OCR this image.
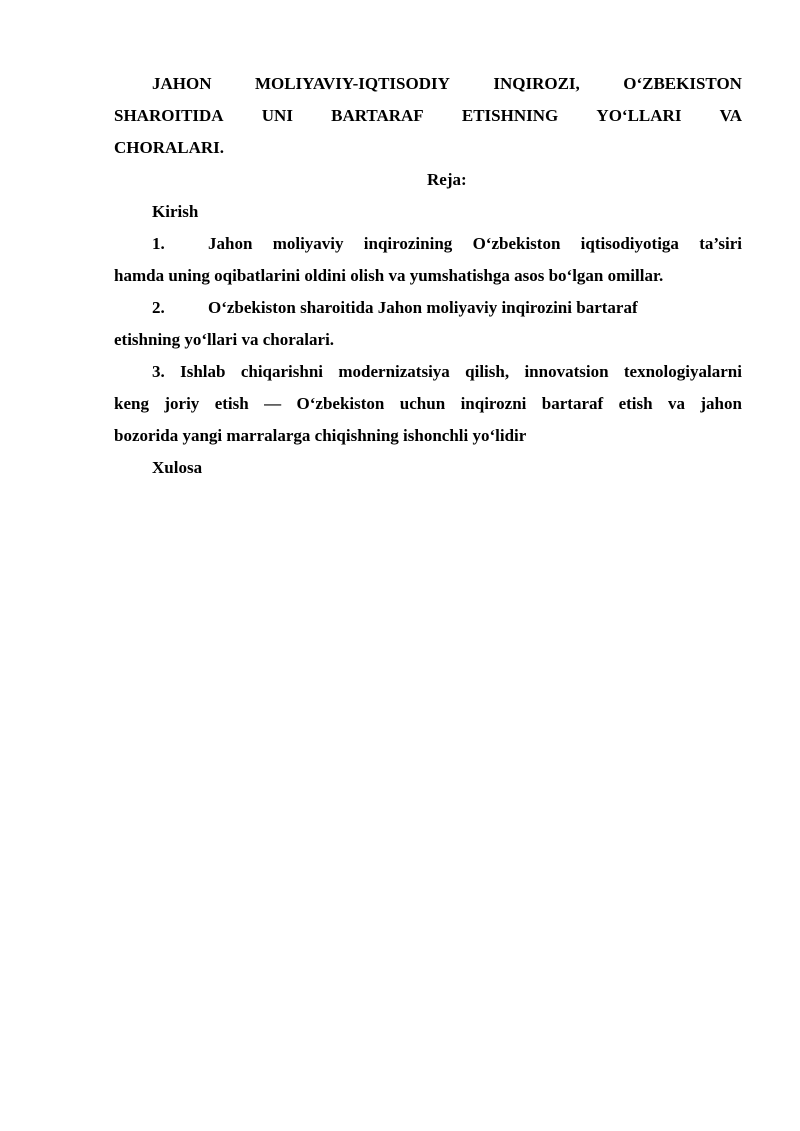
JAHON	MOLIYAVIY-IQTISODIY	INQIROZI,	O‘ZBEKISTON
SHAROITIDA UNI BARTARAF ETISHNING YO‘LLARI VA
CHORALARI.
Reja:
Kirish
1.	Jahon moliyaviy inqirozining O‘zbekiston iqtisodiyotiga ta’siri
hamda uning oqibatlarini oldini olish va yumshatishga asos bo‘lgan omillar.
2.	O‘zbekiston sharoitida Jahon moliyaviy inqirozini bartaraf
etishning yo‘llari va choralari.
3. Ishlab chiqarishni modernizatsiya qilish, innovatsion texnologiyalarni
keng joriy etish — O‘zbekiston uchun inqirozni bartaraf etish va jahon
bozorida yangi marralarga chiqishning ishonchli yo‘lidir
Xulosa
